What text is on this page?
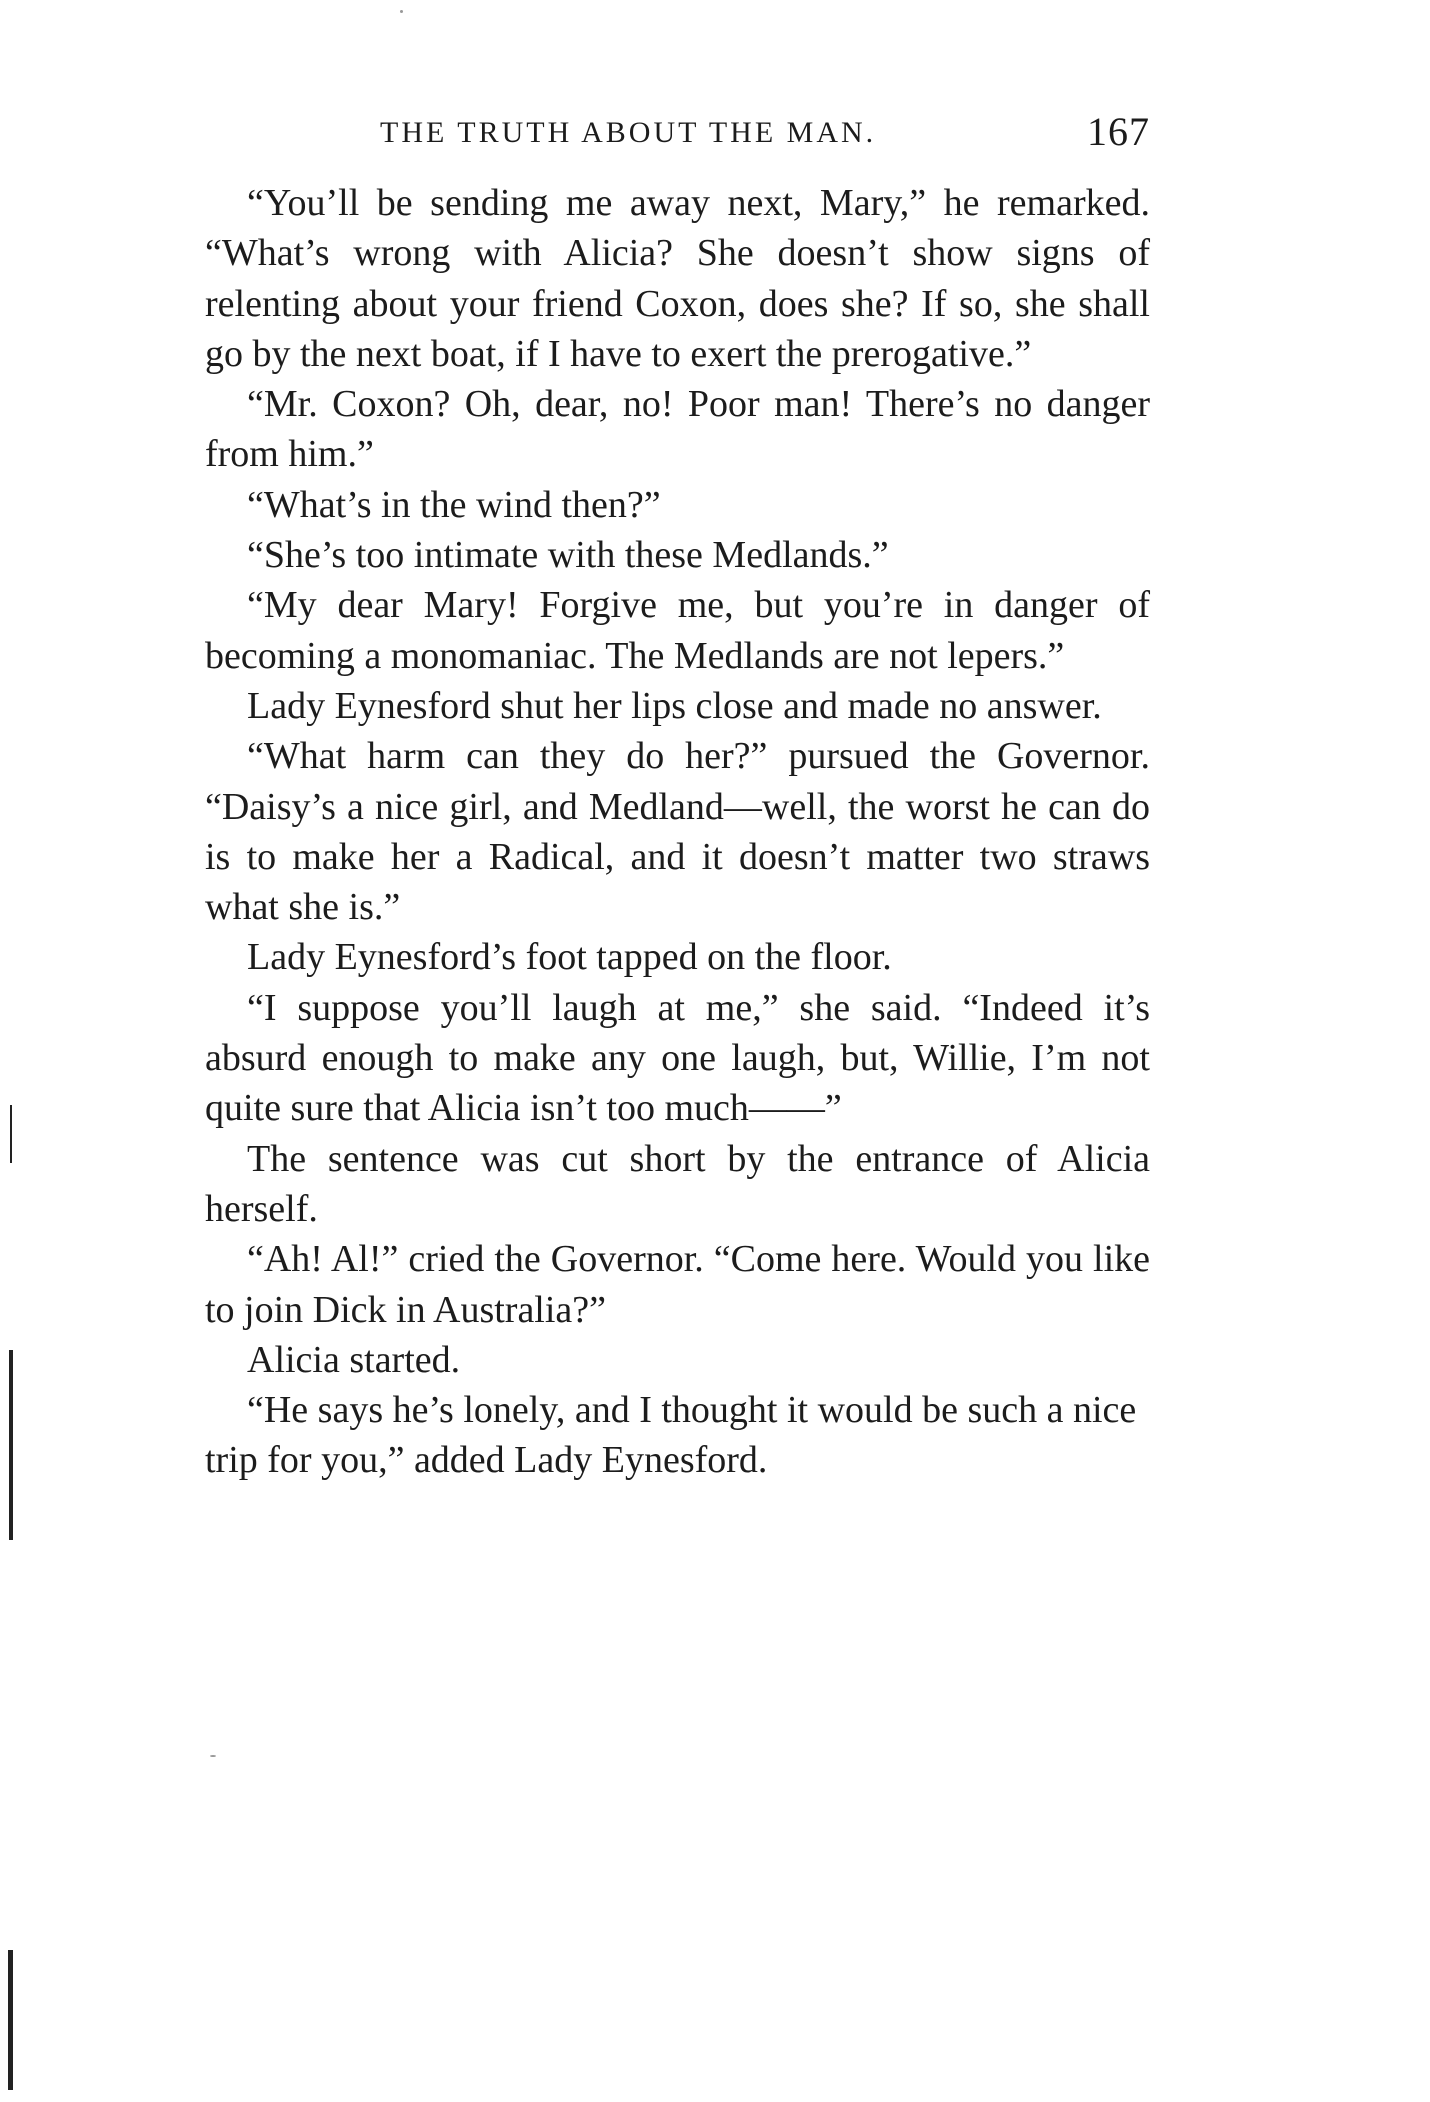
THE TRUTH ABOUT THE MAN.	167

“You’ll be sending me away next, Mary,” he remarked. “What’s wrong with Alicia? She doesn’t show signs of relenting about your friend Coxon, does she? If so, she shall go by the next boat, if I have to exert the prerogative.”

“Mr. Coxon? Oh, dear, no! Poor man! There’s no danger from him.”

“What’s in the wind then?”

“She’s too intimate with these Medlands.”

“My dear Mary! Forgive me, but you’re in danger of becoming a monomaniac. The Medlands are not lepers.”

Lady Eynesford shut her lips close and made no answer.

“What harm can they do her?” pursued the Governor. “Daisy’s a nice girl, and Medland—well, the worst he can do is to make her a Radical, and it doesn’t matter two straws what she is.”

Lady Eynesford’s foot tapped on the floor.

“I suppose you’ll laugh at me,” she said. “Indeed it’s absurd enough to make any one laugh, but, Willie, I’m not quite sure that Alicia isn’t too much——”

The sentence was cut short by the entrance of Alicia herself.

“Ah! Al!” cried the Governor. “Come here. Would you like to join Dick in Australia?”

Alicia started.

“He says he’s lonely, and I thought it would be such a nice trip for you,” added Lady Eynesford.
